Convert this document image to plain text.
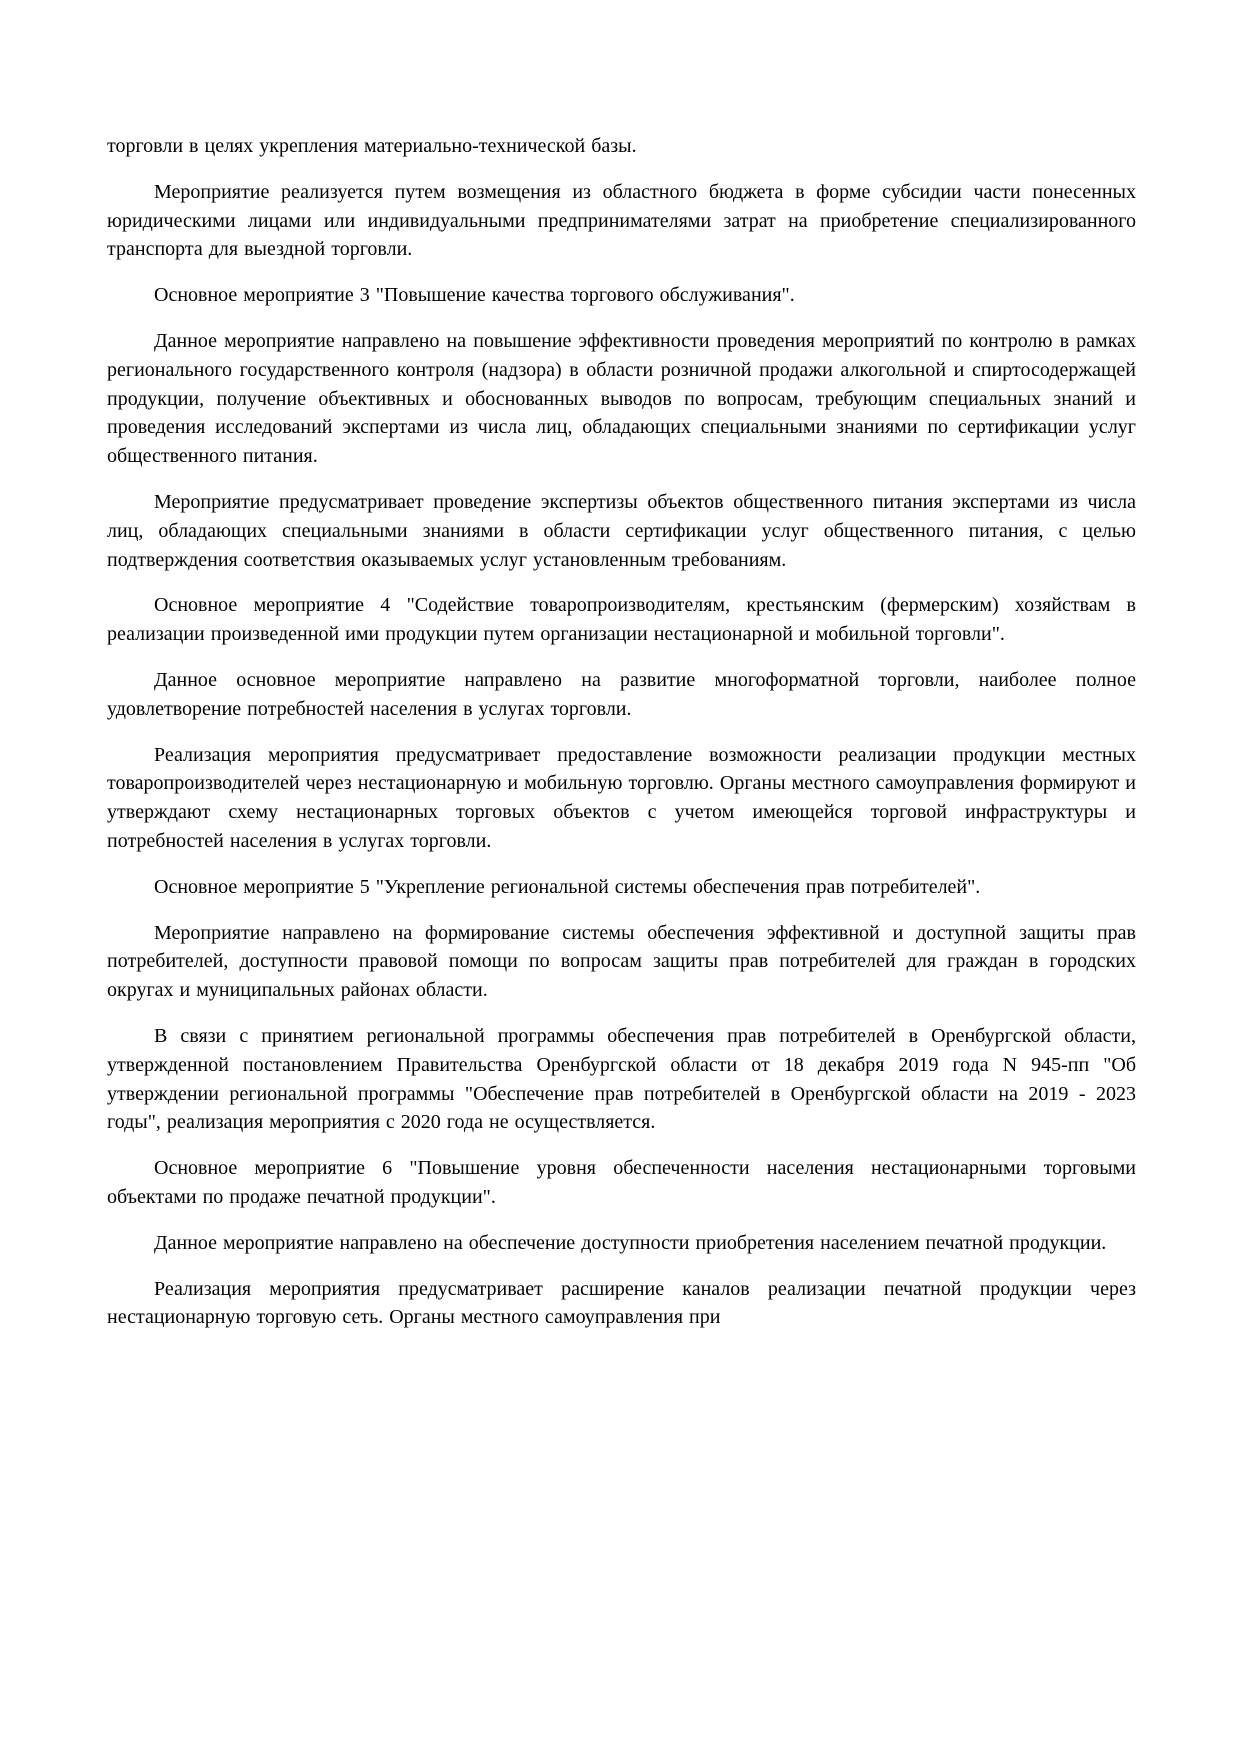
торговли в целях укрепления материально-технической базы.

Мероприятие реализуется путем возмещения из областного бюджета в форме субсидии части понесенных юридическими лицами или индивидуальными предпринимателями затрат на приобретение специализированного транспорта для выездной торговли.

Основное мероприятие 3 "Повышение качества торгового обслуживания".

Данное мероприятие направлено на повышение эффективности проведения мероприятий по контролю в рамках регионального государственного контроля (надзора) в области розничной продажи алкогольной и спиртосодержащей продукции, получение объективных и обоснованных выводов по вопросам, требующим специальных знаний и проведения исследований экспертами из числа лиц, обладающих специальными знаниями по сертификации услуг общественного питания.

Мероприятие предусматривает проведение экспертизы объектов общественного питания экспертами из числа лиц, обладающих специальными знаниями в области сертификации услуг общественного питания, с целью подтверждения соответствия оказываемых услуг установленным требованиям.

Основное мероприятие 4 "Содействие товаропроизводителям, крестьянским (фермерским) хозяйствам в реализации произведенной ими продукции путем организации нестационарной и мобильной торговли".

Данное основное мероприятие направлено на развитие многоформатной торговли, наиболее полное удовлетворение потребностей населения в услугах торговли.

Реализация мероприятия предусматривает предоставление возможности реализации продукции местных товаропроизводителей через нестационарную и мобильную торговлю. Органы местного самоуправления формируют и утверждают схему нестационарных торговых объектов с учетом имеющейся торговой инфраструктуры и потребностей населения в услугах торговли.

Основное мероприятие 5 "Укрепление региональной системы обеспечения прав потребителей".

Мероприятие направлено на формирование системы обеспечения эффективной и доступной защиты прав потребителей, доступности правовой помощи по вопросам защиты прав потребителей для граждан в городских округах и муниципальных районах области.

В связи с принятием региональной программы обеспечения прав потребителей в Оренбургской области, утвержденной постановлением Правительства Оренбургской области от 18 декабря 2019 года N 945-пп "Об утверждении региональной программы "Обеспечение прав потребителей в Оренбургской области на 2019 - 2023 годы", реализация мероприятия с 2020 года не осуществляется.

Основное мероприятие 6 "Повышение уровня обеспеченности населения нестационарными торговыми объектами по продаже печатной продукции".

Данное мероприятие направлено на обеспечение доступности приобретения населением печатной продукции.

Реализация мероприятия предусматривает расширение каналов реализации печатной продукции через нестационарную торговую сеть. Органы местного самоуправления при
